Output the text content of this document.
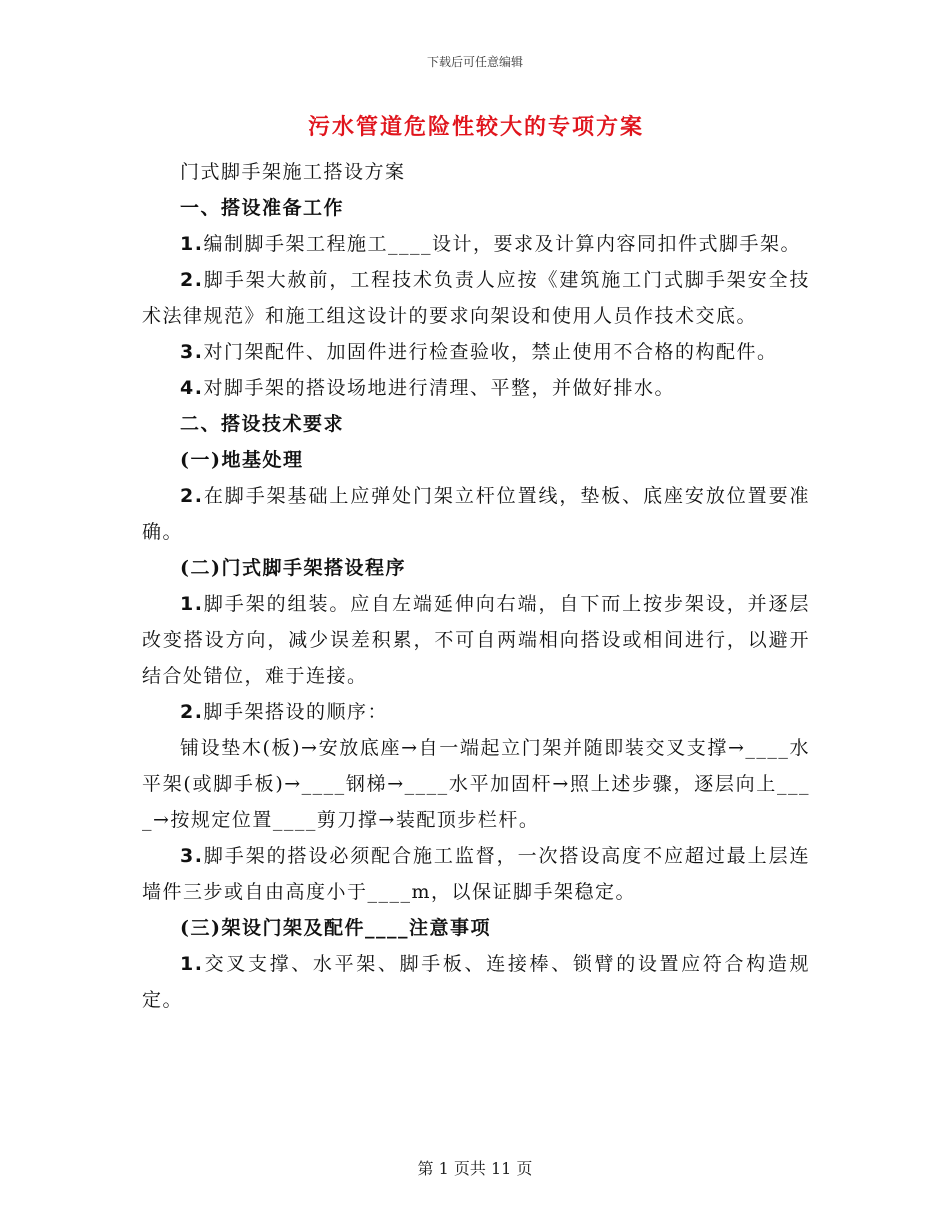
下载后可任意编辑
污水管道危险性较大的专项方案

门式脚手架施工搭设方案

一、搭设准备工作

1.编制脚手架工程施工____设计，要求及计算内容同扣件式脚手架。

2.脚手架大赦前，工程技术负责人应按《建筑施工门式脚手架安全技术法律规范》和施工组这设计的要求向架设和使用人员作技术交底。

3.对门架配件、加固件进行检查验收，禁止使用不合格的构配件。

4.对脚手架的搭设场地进行清理、平整，并做好排水。

二、搭设技术要求

(一)地基处理

2.在脚手架基础上应弹处门架立杆位置线，垫板、底座安放位置要准确。

(二)门式脚手架搭设程序

1.脚手架的组装。应自左端延伸向右端，自下而上按步架设，并逐层改变搭设方向，减少误差积累，不可自两端相向搭设或相间进行，以避开结合处错位，难于连接。

2.脚手架搭设的顺序：

铺设垫木(板)→安放底座→自一端起立门架并随即装交叉支撑→____水平架(或脚手板)→____钢梯→____水平加固杆→照上述步骤，逐层向上____→按规定位置____剪刀撑→装配顶步栏杆。

3.脚手架的搭设必须配合施工监督，一次搭设高度不应超过最上层连墙件三步或自由高度小于____m，以保证脚手架稳定。

(三)架设门架及配件____注意事项

1.交叉支撑、水平架、脚手板、连接棒、锁臂的设置应符合构造规定。

第 1 页共 11 页
